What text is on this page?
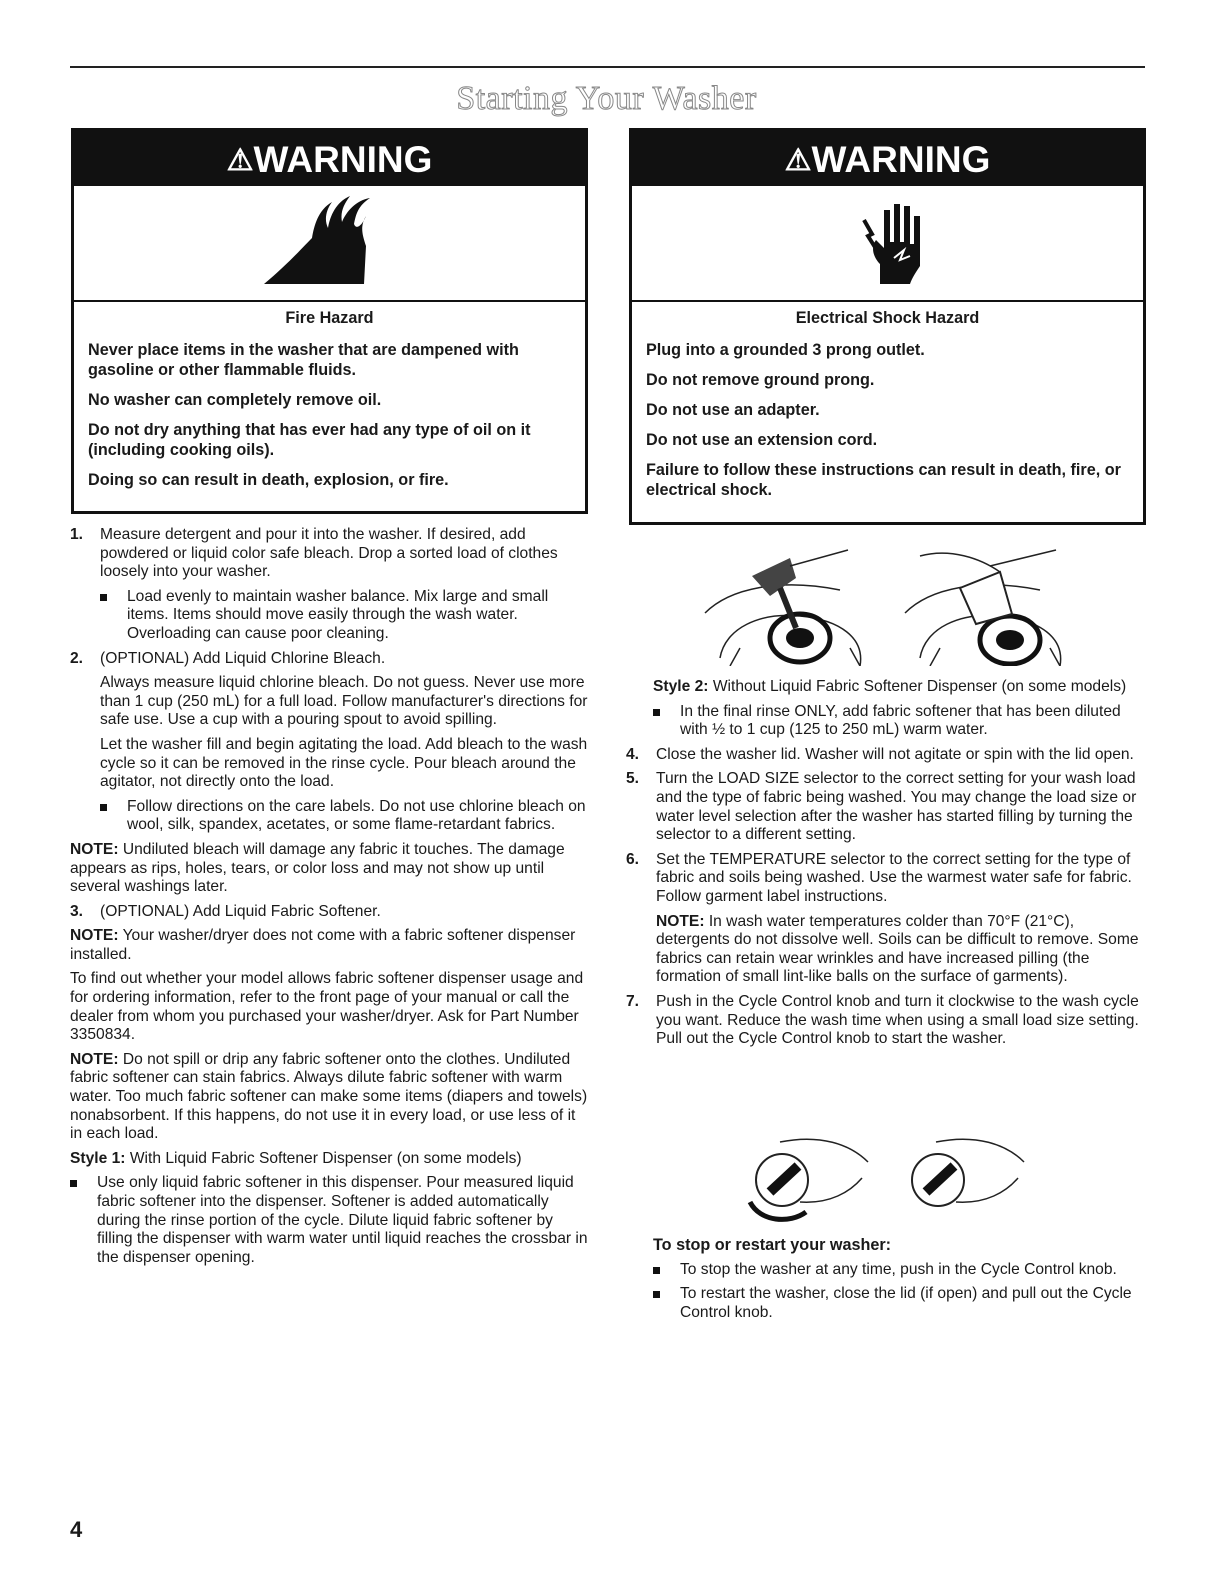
Starting Your Washer
⚠WARNING
Fire Hazard

Never place items in the washer that are dampened with gasoline or other flammable fluids.

No washer can completely remove oil.

Do not dry anything that has ever had any type of oil on it (including cooking oils).

Doing so can result in death, explosion, or fire.

⚠WARNING
Electrical Shock Hazard

Plug into a grounded 3 prong outlet.

Do not remove ground prong.

Do not use an adapter.

Do not use an extension cord.

Failure to follow these instructions can result in death, fire, or electrical shock.

1. Measure detergent and pour it into the washer. If desired, add powdered or liquid color safe bleach. Drop a sorted load of clothes loosely into your washer.

Load evenly to maintain washer balance. Mix large and small items. Items should move easily through the wash water. Overloading can cause poor cleaning.
2. (OPTIONAL) Add Liquid Chlorine Bleach.

Always measure liquid chlorine bleach. Do not guess. Never use more than 1 cup (250 mL) for a full load. Follow manufacturer's directions for safe use. Use a cup with a pouring spout to avoid spilling.

Let the washer fill and begin agitating the load. Add bleach to the wash cycle so it can be removed in the rinse cycle. Pour bleach around the agitator, not directly onto the load.

Follow directions on the care labels. Do not use chlorine bleach on wool, silk, spandex, acetates, or some flame-retardant fabrics.

NOTE: Undiluted bleach will damage any fabric it touches. The damage appears as rips, holes, tears, or color loss and may not show up until several washings later.

3. (OPTIONAL) Add Liquid Fabric Softener.

NOTE: Your washer/dryer does not come with a fabric softener dispenser installed.

To find out whether your model allows fabric softener dispenser usage and for ordering information, refer to the front page of your manual or call the dealer from whom you purchased your washer/dryer. Ask for Part Number 3350834.

NOTE: Do not spill or drip any fabric softener onto the clothes. Undiluted fabric softener can stain fabrics. Always dilute fabric softener with warm water. Too much fabric softener can make some items (diapers and towels) nonabsorbent. If this happens, do not use it in every load, or use less of it in each load.

Style 1: With Liquid Fabric Softener Dispenser (on some models)

Use only liquid fabric softener in this dispenser. Pour measured liquid fabric softener into the dispenser. Softener is added automatically during the rinse portion of the cycle. Dilute liquid fabric softener by filling the dispenser with warm water until liquid reaches the crossbar in the dispenser opening.

Style 2: Without Liquid Fabric Softener Dispenser (on some models)

In the final rinse ONLY, add fabric softener that has been diluted with ½ to 1 cup (125 to 250 mL) warm water.
4. Close the washer lid. Washer will not agitate or spin with the lid open.

5. Turn the LOAD SIZE selector to the correct setting for your wash load and the type of fabric being washed. You may change the load size or water level selection after the washer has started filling by turning the selector to a different setting.

6. Set the TEMPERATURE selector to the correct setting for the type of fabric and soils being washed. Use the warmest water safe for fabric. Follow garment label instructions.

NOTE: In wash water temperatures colder than 70°F (21°C), detergents do not dissolve well. Soils can be difficult to remove. Some fabrics can retain wear wrinkles and have increased pilling (the formation of small lint-like balls on the surface of garments).

7. Push in the Cycle Control knob and turn it clockwise to the wash cycle you want. Reduce the wash time when using a small load size setting. Pull out the Cycle Control knob to start the washer.

To stop or restart your washer:

To stop the washer at any time, push in the Cycle Control knob.
To restart the washer, close the lid (if open) and pull out the Cycle Control knob.
4
